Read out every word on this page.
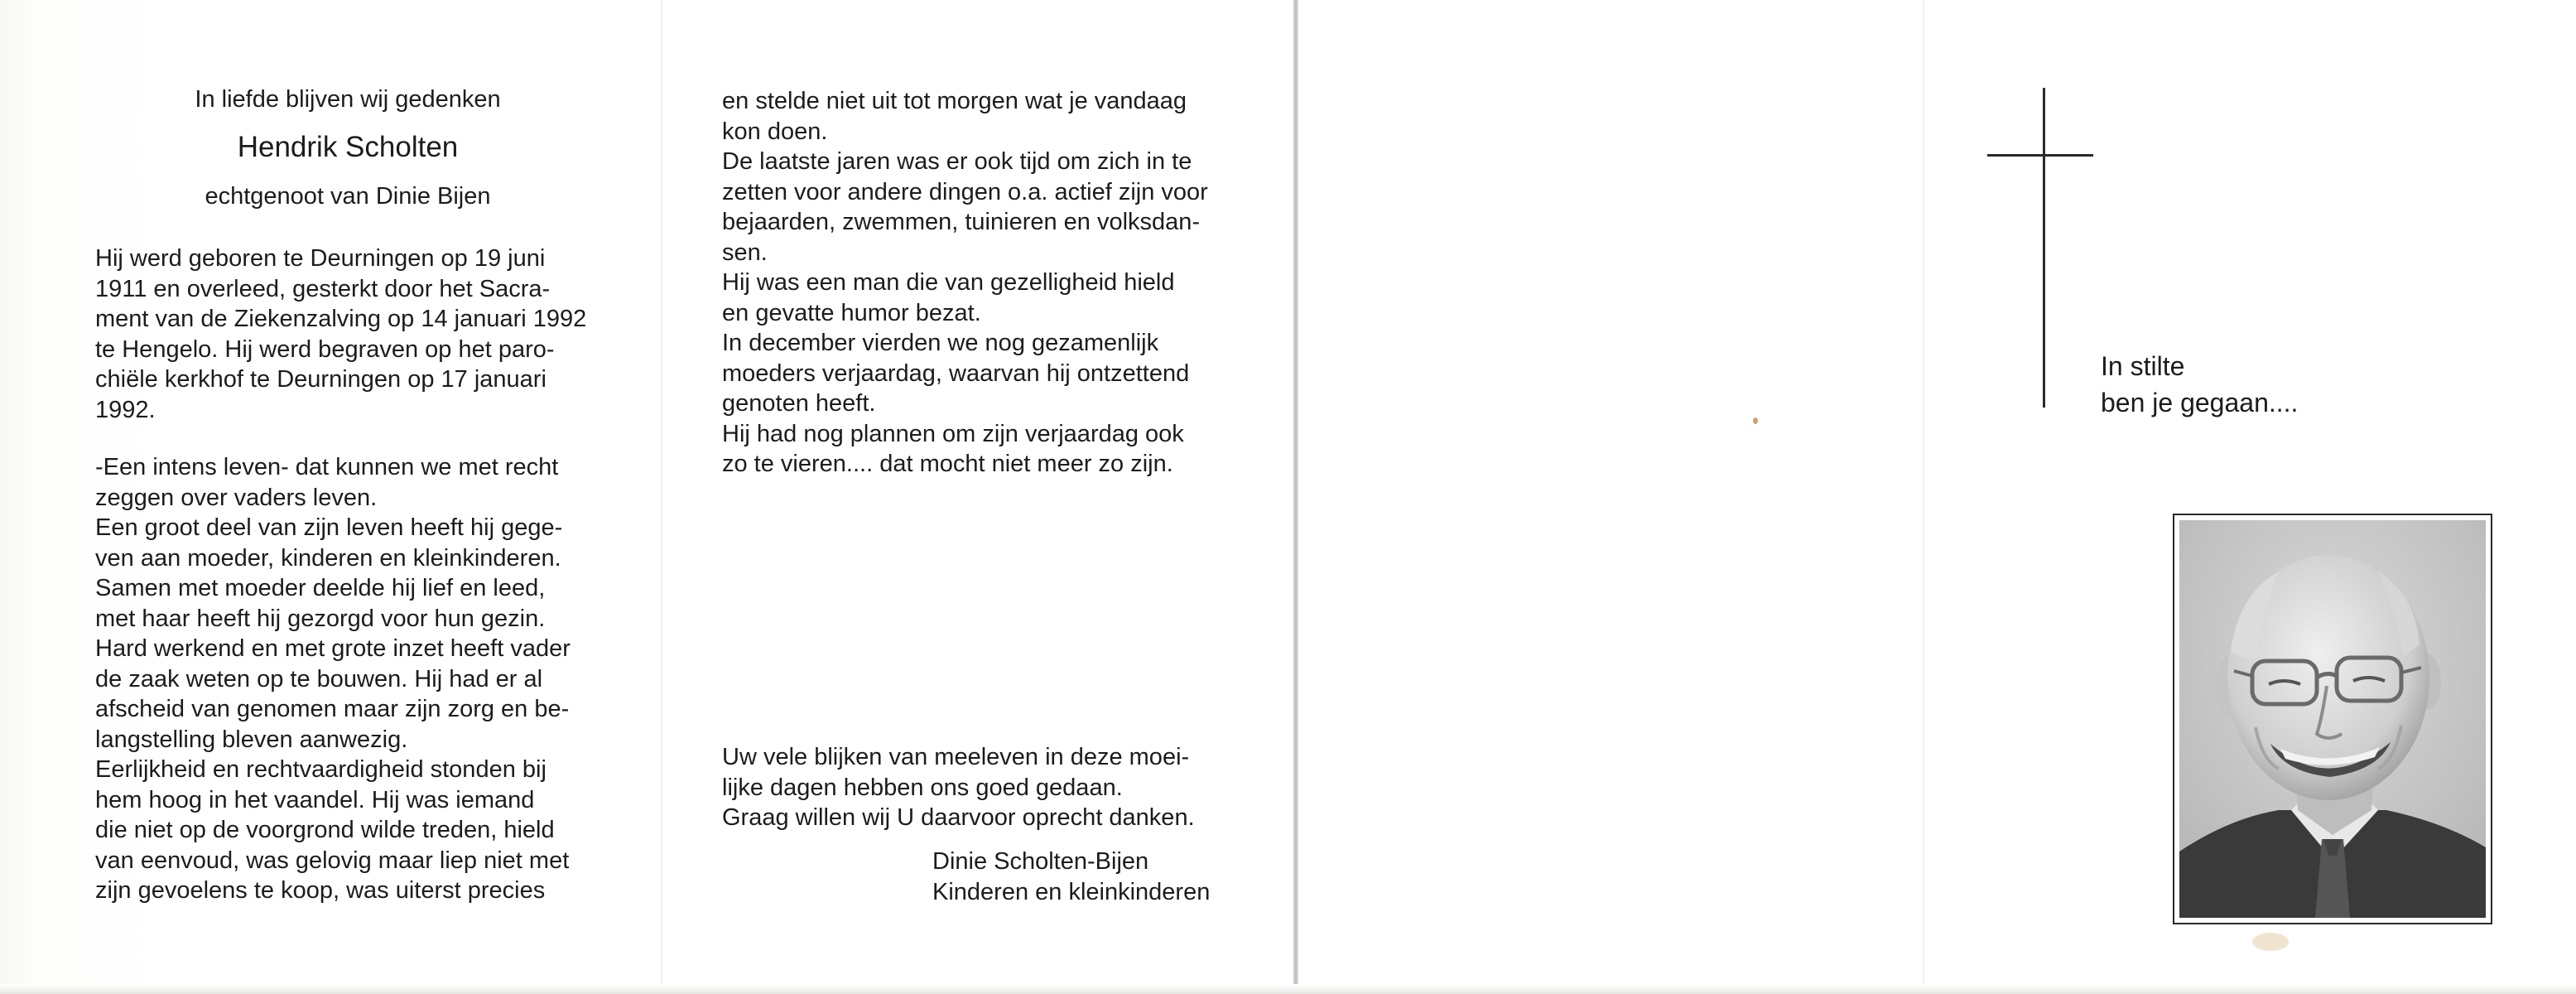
In liefde blijven wij gedenken
Hendrik Scholten
echtgenoot van Dinie Bijen

Hij werd geboren te Deurningen op 19 juni

1911 en overleed, gesterkt door het Sacra-

ment van de Ziekenzalving op 14 januari 1992

te Hengelo. Hij werd begraven op het paro-

chiële kerkhof te Deurningen op 17 januari

1992.

-Een intens leven- dat kunnen we met recht

zeggen over vaders leven.

Een groot deel van zijn leven heeft hij gege-

ven aan moeder, kinderen en kleinkinderen.

Samen met moeder deelde hij lief en leed,

met haar heeft hij gezorgd voor hun gezin.

Hard werkend en met grote inzet heeft vader

de zaak weten op te bouwen. Hij had er al

afscheid van genomen maar zijn zorg en be-

langstelling bleven aanwezig.

Eerlijkheid en rechtvaardigheid stonden bij

hem hoog in het vaandel. Hij was iemand

die niet op de voorgrond wilde treden, hield

van eenvoud, was gelovig maar liep niet met

zijn gevoelens te koop, was uiterst precies

en stelde niet uit tot morgen wat je vandaag

kon doen.

De laatste jaren was er ook tijd om zich in te

zetten voor andere dingen o.a. actief zijn voor

bejaarden, zwemmen, tuinieren en volksdan-

sen.

Hij was een man die van gezelligheid hield

en gevatte humor bezat.

In december vierden we nog gezamenlijk

moeders verjaardag, waarvan hij ontzettend

genoten heeft.

Hij had nog plannen om zijn verjaardag ook

zo te vieren.... dat mocht niet meer zo zijn.

Uw vele blijken van meeleven in deze moei-

lijke dagen hebben ons goed gedaan.

Graag willen wij U daarvoor oprecht danken.

Dinie Scholten-Bijen

Kinderen en kleinkinderen

In stilte
ben je gegaan....
